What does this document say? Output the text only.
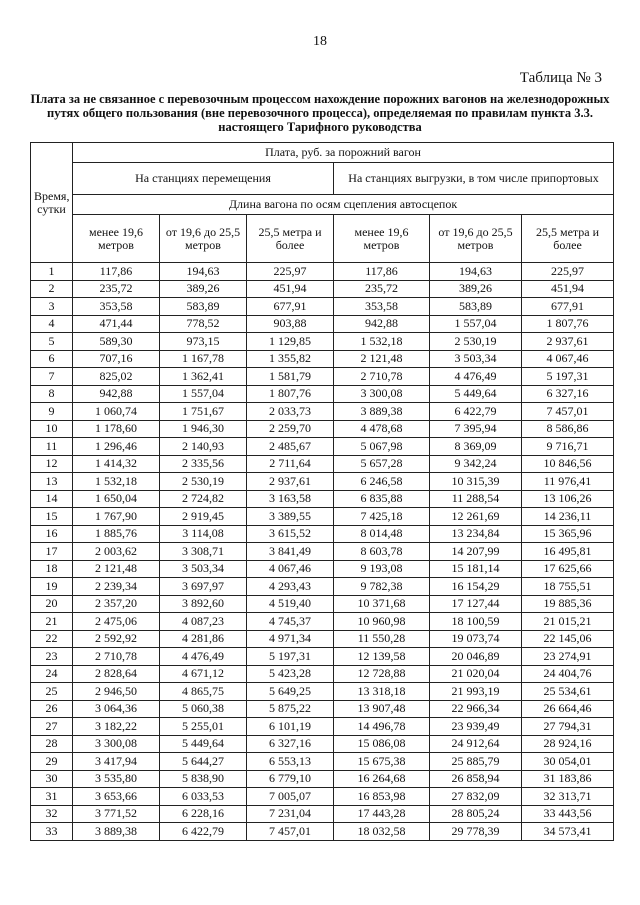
18
Таблица № 3
Плата за не связанное с перевозочным процессом нахождение порожних вагонов на железнодорожных путях общего пользования (вне перевозочного процесса), определяемая по правилам пункта 3.3. настоящего Тарифного руководства
Время, сутки	Плата, руб. за порожний вагон					
	На станциях перемещения			На станциях выгрузки, в том числе припортовых		
	Длина вагона по осям сцепления автосцепок					
	менее 19,6 метров	от 19,6 до 25,5 метров	25,5 метра и более	менее 19,6 метров	от 19,6 до 25,5 метров	25,5 метра и более
1	117,86	194,63	225,97	117,86	194,63	225,97
2	235,72	389,26	451,94	235,72	389,26	451,94
3	353,58	583,89	677,91	353,58	583,89	677,91
4	471,44	778,52	903,88	942,88	1 557,04	1 807,76
5	589,30	973,15	1 129,85	1 532,18	2 530,19	2 937,61
6	707,16	1 167,78	1 355,82	2 121,48	3 503,34	4 067,46
7	825,02	1 362,41	1 581,79	2 710,78	4 476,49	5 197,31
8	942,88	1 557,04	1 807,76	3 300,08	5 449,64	6 327,16
9	1 060,74	1 751,67	2 033,73	3 889,38	6 422,79	7 457,01
10	1 178,60	1 946,30	2 259,70	4 478,68	7 395,94	8 586,86
11	1 296,46	2 140,93	2 485,67	5 067,98	8 369,09	9 716,71
12	1 414,32	2 335,56	2 711,64	5 657,28	9 342,24	10 846,56
13	1 532,18	2 530,19	2 937,61	6 246,58	10 315,39	11 976,41
14	1 650,04	2 724,82	3 163,58	6 835,88	11 288,54	13 106,26
15	1 767,90	2 919,45	3 389,55	7 425,18	12 261,69	14 236,11
16	1 885,76	3 114,08	3 615,52	8 014,48	13 234,84	15 365,96
17	2 003,62	3 308,71	3 841,49	8 603,78	14 207,99	16 495,81
18	2 121,48	3 503,34	4 067,46	9 193,08	15 181,14	17 625,66
19	2 239,34	3 697,97	4 293,43	9 782,38	16 154,29	18 755,51
20	2 357,20	3 892,60	4 519,40	10 371,68	17 127,44	19 885,36
21	2 475,06	4 087,23	4 745,37	10 960,98	18 100,59	21 015,21
22	2 592,92	4 281,86	4 971,34	11 550,28	19 073,74	22 145,06
23	2 710,78	4 476,49	5 197,31	12 139,58	20 046,89	23 274,91
24	2 828,64	4 671,12	5 423,28	12 728,88	21 020,04	24 404,76
25	2 946,50	4 865,75	5 649,25	13 318,18	21 993,19	25 534,61
26	3 064,36	5 060,38	5 875,22	13 907,48	22 966,34	26 664,46
27	3 182,22	5 255,01	6 101,19	14 496,78	23 939,49	27 794,31
28	3 300,08	5 449,64	6 327,16	15 086,08	24 912,64	28 924,16
29	3 417,94	5 644,27	6 553,13	15 675,38	25 885,79	30 054,01
30	3 535,80	5 838,90	6 779,10	16 264,68	26 858,94	31 183,86
31	3 653,66	6 033,53	7 005,07	16 853,98	27 832,09	32 313,71
32	3 771,52	6 228,16	7 231,04	17 443,28	28 805,24	33 443,56
33	3 889,38	6 422,79	7 457,01	18 032,58	29 778,39	34 573,41
